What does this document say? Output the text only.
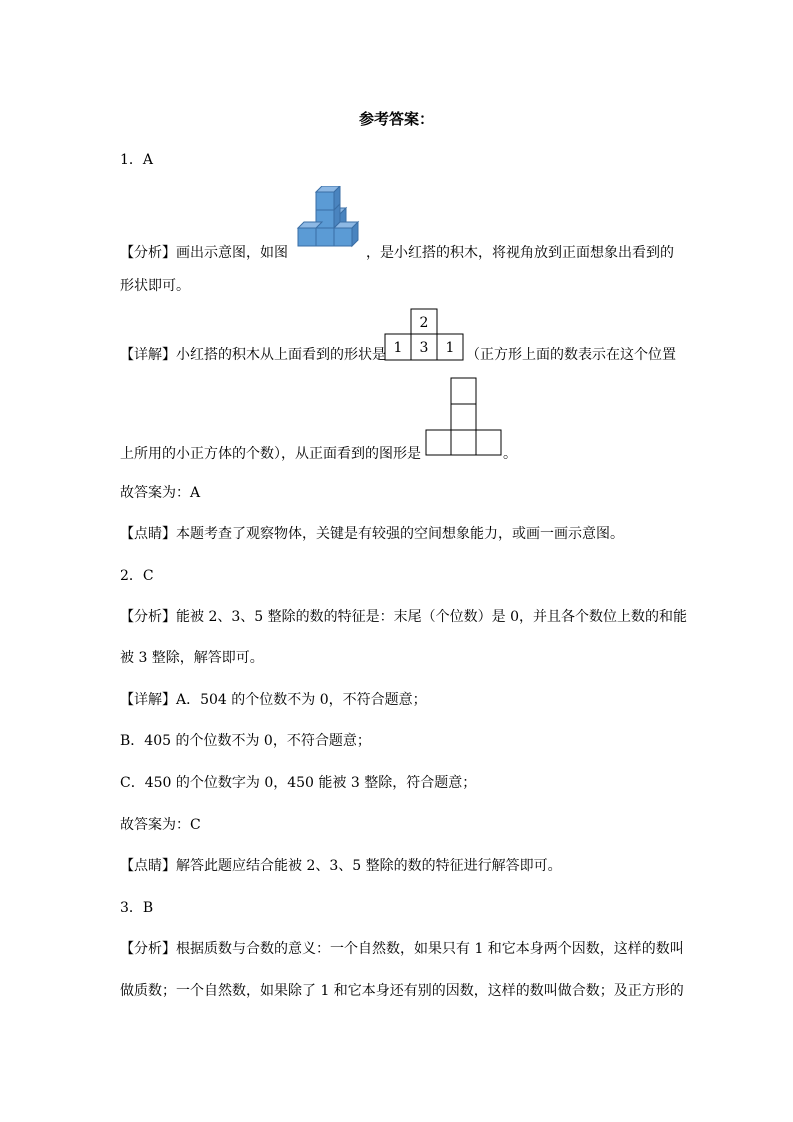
参考答案：
1．A
【分析】画出示意图，如图	，是小红搭的积木，将视角放到正面想象出看到的
形状即可。
2
1 3 1
【详解】小红搭的积木从上面看到的形状是	（正方形上面的数表示在这个位置
上所用的小正方体的个数），从正面看到的图形是	。
故答案为：A
【点睛】本题考查了观察物体，关键是有较强的空间想象能力，或画一画示意图。
2．C
【分析】能被 2、3、5 整除的数的特征是：末尾（个位数）是 0，并且各个数位上数的和能
被 3 整除，解答即可。
【详解】A．504 的个位数不为 0，不符合题意；
B．405 的个位数不为 0，不符合题意；
C．450 的个位数字为 0，450 能被 3 整除，符合题意；
故答案为：C
【点睛】解答此题应结合能被 2、3、5 整除的数的特征进行解答即可。
3．B
【分析】根据质数与合数的意义：一个自然数，如果只有 1 和它本身两个因数，这样的数叫
做质数；一个自然数，如果除了 1 和它本身还有别的因数，这样的数叫做合数；及正方形的
